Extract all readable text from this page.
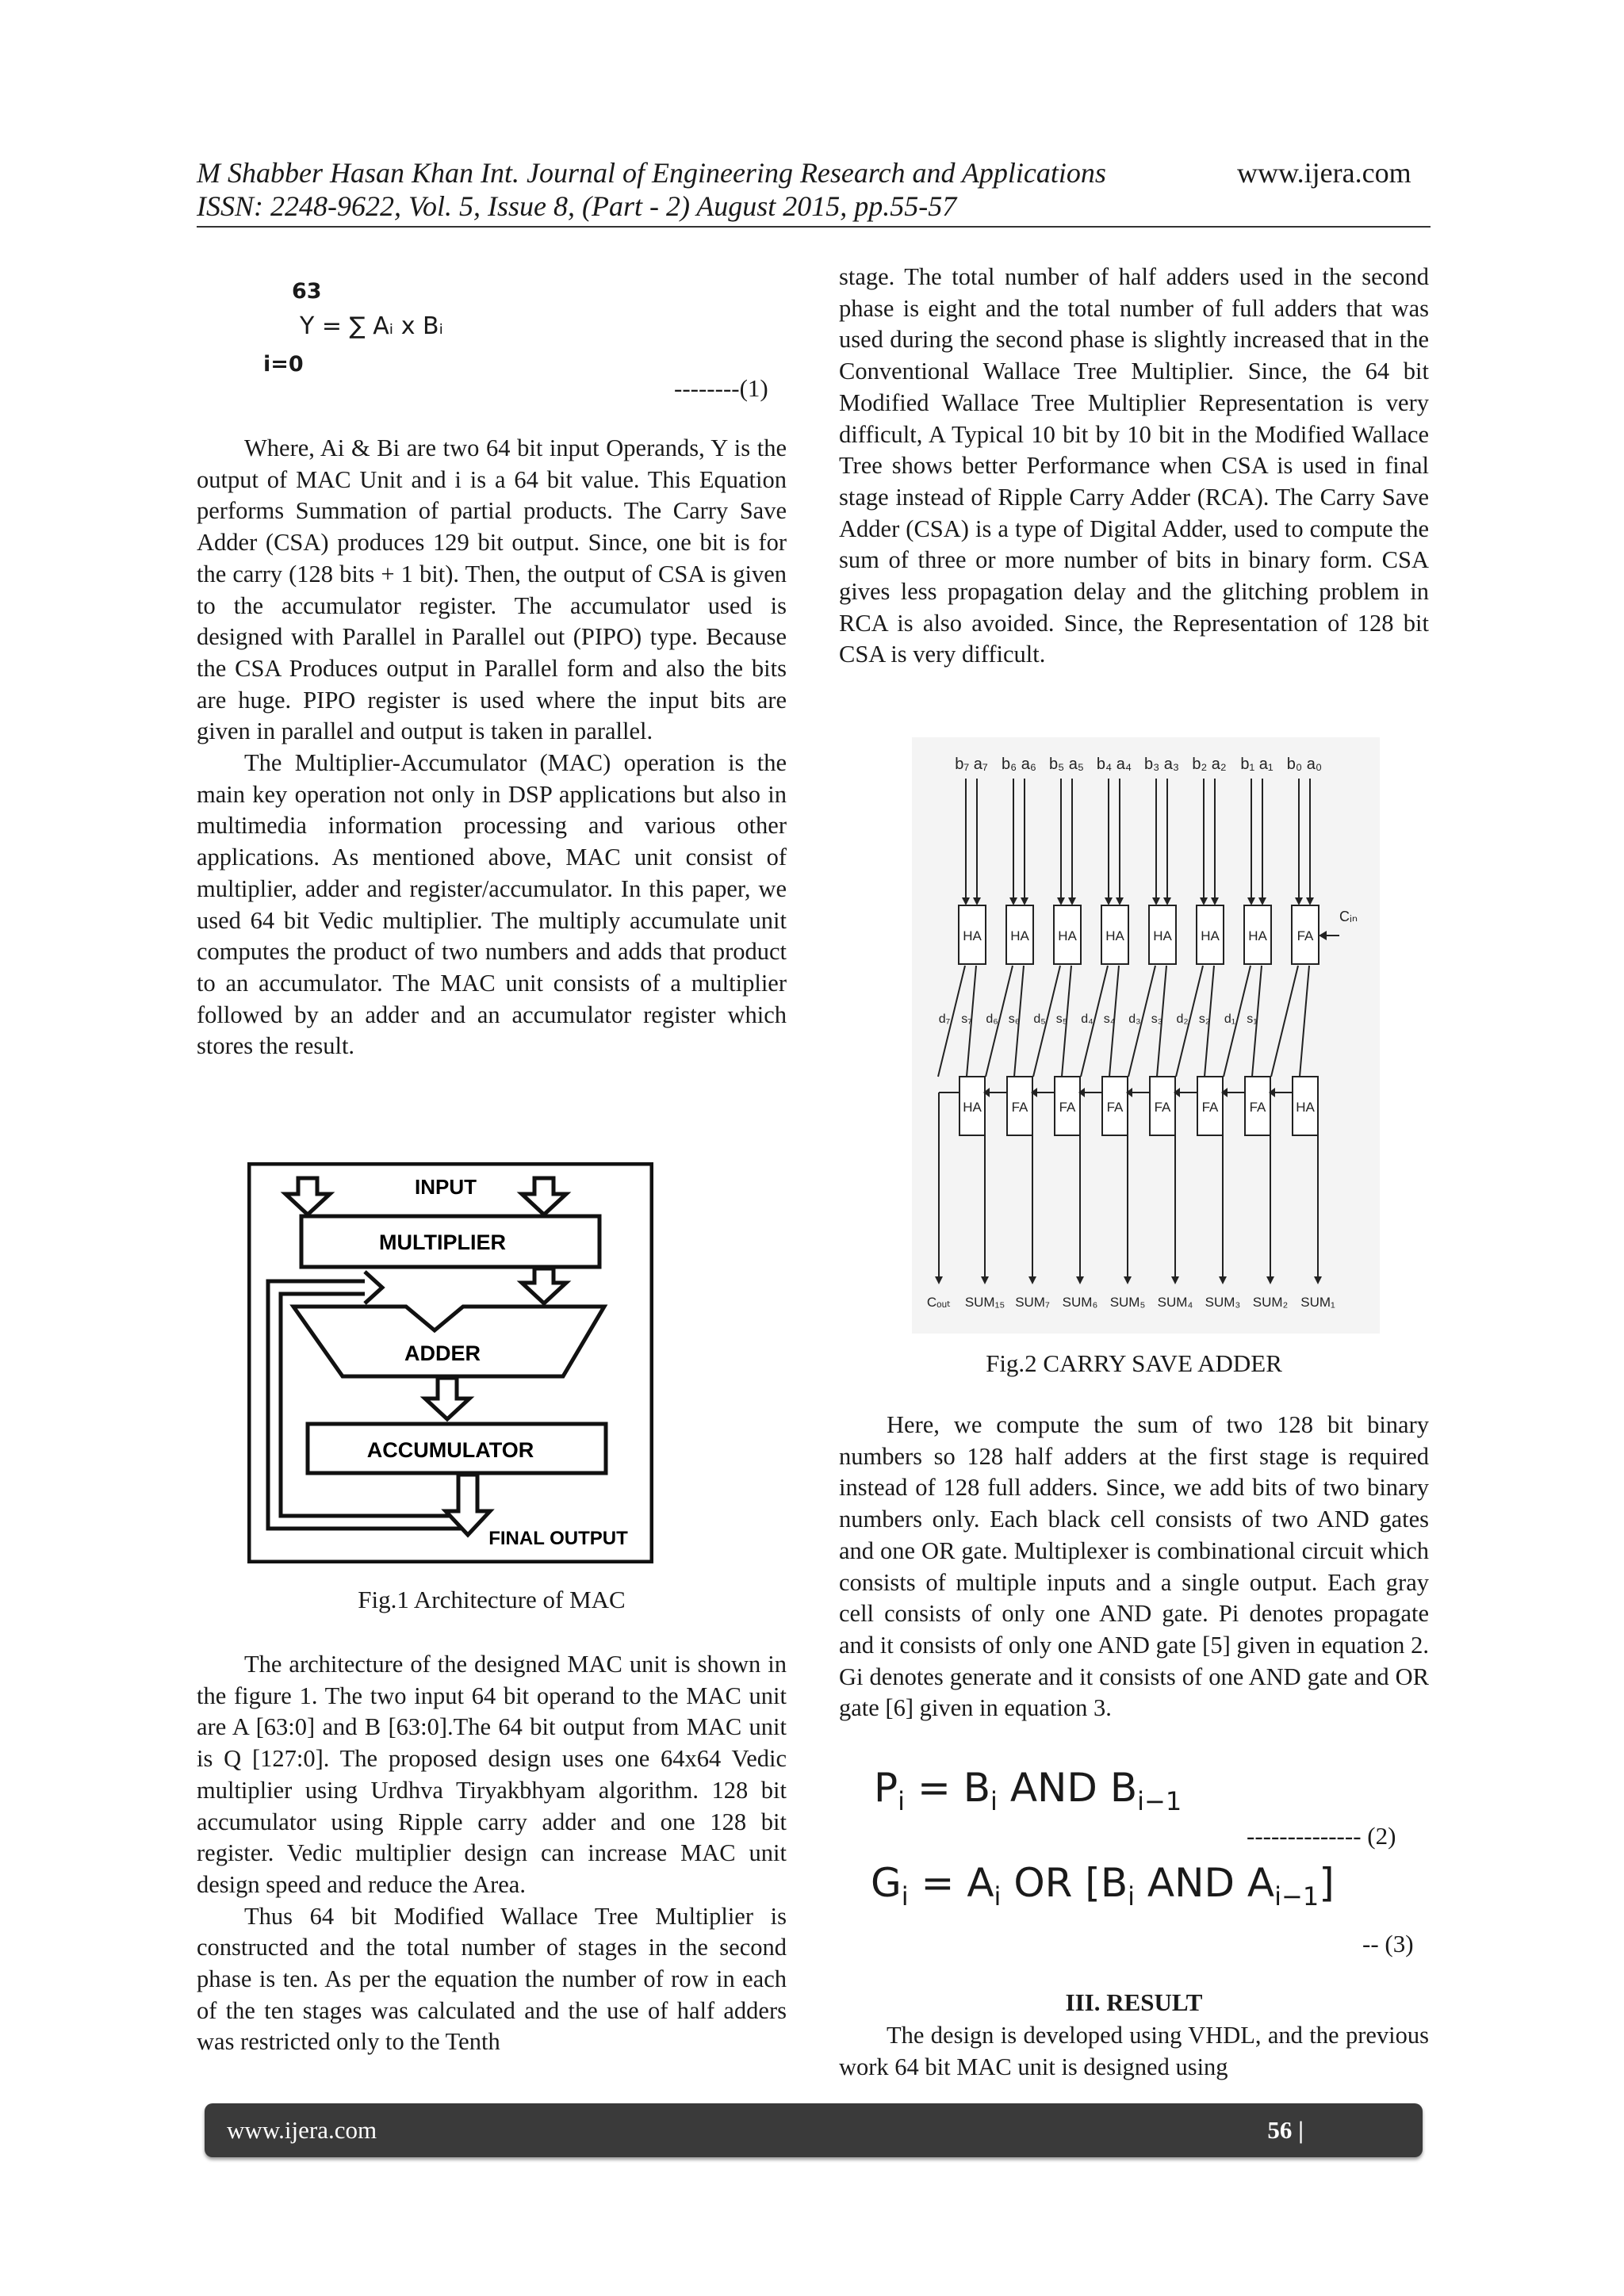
M Shabber Hasan Khan Int. Journal of Engineering Research and Applications
ISSN: 2248-9622, Vol. 5, Issue 8, (Part - 2) August 2015, pp.55-57
www.ijera.com
63
Y = ∑ Aᵢ x Bᵢ
i=0
--------(1)

Where, Ai & Bi are two 64 bit input Operands, Y is the output of MAC Unit and i is a 64 bit value. This Equation performs Summation of partial products. The Carry Save Adder (CSA) produces 129 bit output. Since, one bit is for the carry (128 bits + 1 bit). Then, the output of CSA is given to the accumulator register. The accumulator used is designed with Parallel in Parallel out (PIPO) type. Because the CSA Produces output in Parallel form and also the bits are huge. PIPO register is used where the input bits are given in parallel and output is taken in parallel.

The Multiplier-Accumulator (MAC) operation is the main key operation not only in DSP applications but also in multimedia information processing and various other applications. As mentioned above, MAC unit consist of multiplier, adder and register/accumulator. In this paper, we used 64 bit Vedic multiplier. The multiply accumulate unit computes the product of two numbers and adds that product to an accumulator. The MAC unit consists of a multiplier followed by an adder and an accumulator register which stores the result.

INPUT
MULTIPLIER
ADDER
ACCUMULATOR
FINAL OUTPUT
Fig.1 Architecture of MAC

The architecture of the designed MAC unit is shown in the figure 1. The two input 64 bit operand to the MAC unit are A [63:0] and B [63:0].The 64 bit output from MAC unit is Q [127:0]. The proposed design uses one 64x64 Vedic multiplier using Urdhva Tiryakbhyam algorithm. 128 bit accumulator using Ripple carry adder and one 128 bit register. Vedic multiplier design can increase MAC unit design speed and reduce the Area.

Thus 64 bit Modified Wallace Tree Multiplier is constructed and the total number of stages in the second phase is ten. As per the equation the number of row in each of the ten stages was calculated and the use of half adders was restricted only to the Tenth

stage. The total number of half adders used in the second phase is eight and the total number of full adders that was used during the second phase is slightly increased that in the Conventional Wallace Tree Multiplier. Since, the 64 bit Modified Wallace Tree Multiplier Representation is very difficult, A Typical 10 bit by 10 bit in the Modified Wallace Tree shows better Performance when CSA is used in final stage instead of Ripple Carry Adder (RCA). The Carry Save Adder (CSA) is a type of Digital Adder, used to compute the sum of three or more number of bits in binary form. CSA gives less propagation delay and the glitching problem in RCA is also avoided. Since, the Representation of 128 bit CSA is very difficult.

b₇ a₇
HA
b₆ a₆
HA
b₅ a₅
HA
b₄ a₄
HA
b₃ a₃
HA
b₂ a₂
HA
b₁ a₁
HA
b₀ a₀
FA
Cᵢₙ
d₇ s₇ d₆ s₆ d₅ s₅ d₄ s₄ d₃ s₃ d₂ s₂ d₁ s₁
HA FA FA FA FA FA FA HA
Cₒᵤₜ SUM₁₅ SUM₇ SUM₆ SUM₅ SUM₄ SUM₃ SUM₂ SUM₁
Fig.2 CARRY SAVE ADDER

Here, we compute the sum of two 128 bit binary numbers so 128 half adders at the first stage is required instead of 128 full adders. Since, we add bits of two binary numbers only. Each black cell consists of two AND gates and one OR gate. Multiplexer is combinational circuit which consists of multiple inputs and a single output. Each gray cell consists of only one AND gate. Pi denotes propagate and it consists of only one AND gate [5] given in equation 2. Gi denotes generate and it consists of one AND gate and OR gate [6] given in equation 3.

$P_i = B_i$ AND $B_{i-1}$
-------------- (2)
$G_i = A_i$ OR [$B_i$ AND $A_{i-1}$]
-- (3)
III. RESULT

The design is developed using VHDL, and the previous work 64 bit MAC unit is designed using

www.ijera.com	56 |
